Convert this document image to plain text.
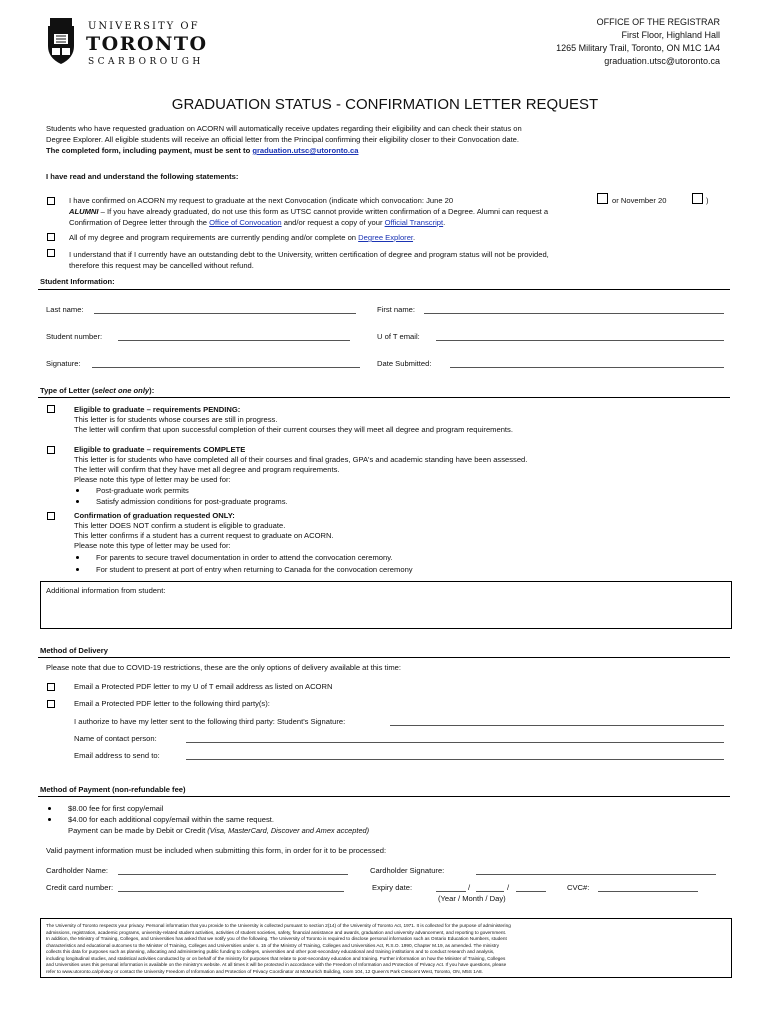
UNIVERSITY OF
TORONTO
SCARBOROUGH
OFFICE OF THE REGISTRAR
First Floor, Highland Hall
1265 Military Trail, Toronto, ON M1C 1A4
graduation.utsc@utoronto.ca
GRADUATION STATUS - CONFIRMATION LETTER REQUEST
Students who have requested graduation on ACORN will automatically receive updates regarding their eligibility and can check their status on
Degree Explorer. All eligible students will receive an official letter from the Principal confirming their eligibility closer to their Convocation date.
The completed form, including payment, must be sent to graduation.utsc@utoronto.ca
I have read and understand the following statements:
I have confirmed on ACORN my request to graduate at the next Convocation (indicate which convocation: June 20	or November 20	)
ALUMNI – If you have already graduated, do not use this form as UTSC cannot provide written confirmation of a Degree. Alumni can request a
Confirmation of Degree letter through the Office of Convocation and/or request a copy of your Official Transcript.
All of my degree and program requirements are currently pending and/or complete on Degree Explorer.
I understand that if I currently have an outstanding debt to the University, written certification of degree and program status will not be provided,
therefore this request may be cancelled without refund.
Student Information:
Last name:	First name:
Student number:	U of T email:
Signature:	Date Submitted:
Type of Letter (select one only):
Eligible to graduate – requirements PENDING:
This letter is for students whose courses are still in progress.
The letter will confirm that upon successful completion of their current courses they will meet all degree and program requirements.
Eligible to graduate – requirements COMPLETE
This letter is for students who have completed all of their courses and final grades, GPA's and academic standing have been assessed.
The letter will confirm that they have met all degree and program requirements.
Please note this type of letter may be used for:
Post-graduate work permits
Satisfy admission conditions for post-graduate programs.
Confirmation of graduation requested ONLY:
This letter DOES NOT confirm a student is eligible to graduate.
This letter confirms if a student has a current request to graduate on ACORN.
Please note this type of letter may be used for:
For parents to secure travel documentation in order to attend the convocation ceremony.
For student to present at port of entry when returning to Canada for the convocation ceremony
Additional information from student:
Method of Delivery
Please note that due to COVID-19 restrictions, these are the only options of delivery available at this time:
Email a Protected PDF letter to my U of T email address as listed on ACORN
Email a Protected PDF letter to the following third party(s):
I authorize to have my letter sent to the following third party: Student's Signature:
Name of contact person:
Email address to send to:
Method of Payment (non-refundable fee)
$8.00 fee for first copy/email
$4.00 for each additional copy/email within the same request.
Payment can be made by Debit or Credit (Visa, MasterCard, Discover and Amex accepted)
Valid payment information must be included when submitting this form, in order for it to be processed:
Cardholder Name:	Cardholder Signature:
Credit card number:	Expiry date:	/	/	CVC#:
(Year / Month / Day)
The University of Toronto respects your privacy. Personal information that you provide to the University is collected pursuant to section 2(14) of the University of Toronto Act, 1971. It is collected for the purpose of administering
admissions, registration, academic programs, university-related student activities, activities of student societies, safety, financial assistance and awards, graduation and university advancement, and reporting to government.
In addition, the Ministry of Training, Colleges, and Universities has asked that we notify you of the following. The University of Toronto is required to disclose personal information such as Ontario Education Numbers, student
characteristics and educational outcomes to the Minister of Training, Colleges and Universities under s. 15 of the Ministry of Training, Colleges and Universities Act, R.S.O. 1990, Chapter M.19, as amended. The ministry
collects this data for purposes such as planning, allocating and administering public funding to colleges, universities and other post-secondary educational and training institutions and to conduct research and analysis,
including longitudinal studies, and statistical activities conducted by or on behalf of the ministry for purposes that relate to post-secondary education and training. Further information on how the Minister of Training, Colleges
and Universities uses this personal information is available on the ministry's website. At all times it will be protected in accordance with the Freedom of Information and Protection of Privacy Act. If you have questions, please
refer to www.utoronto.ca/privacy or contact the University Freedom of Information and Protection of Privacy Coordinator at McMurrich Building, room 104, 12 Queen's Park Crescent West, Toronto, ON, M5S 1A8.
